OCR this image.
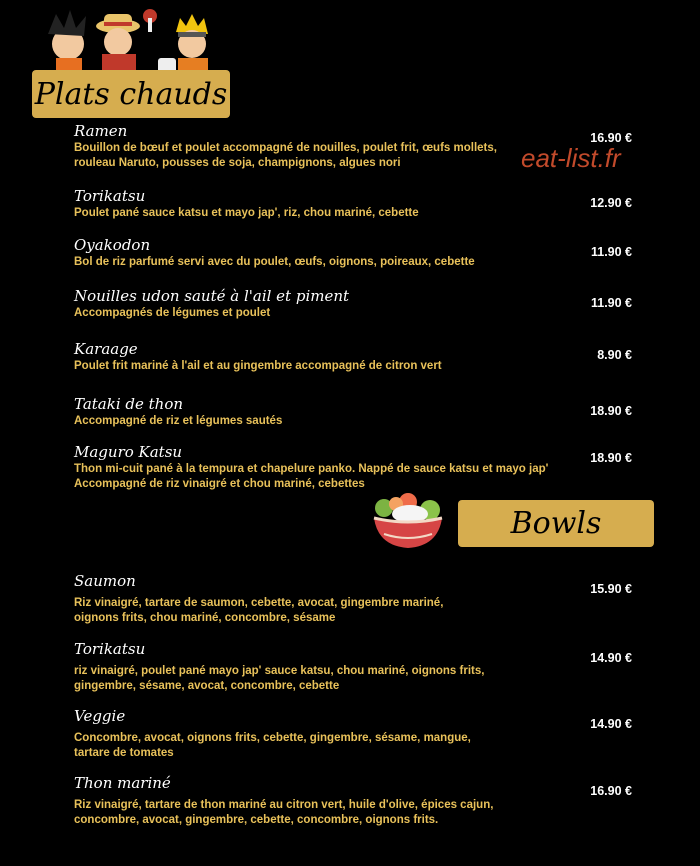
Plats chauds
Ramen
Bouillon de bœuf et poulet accompagné de nouilles, poulet frit, œufs mollets,
rouleau Naruto, pousses de soja, champignons, algues nori
16.90 €
Torikatsu
Poulet pané sauce katsu et mayo jap', riz, chou mariné, cebette
12.90 €
Oyakodon
Bol de riz parfumé servi avec du poulet, œufs, oignons, poireaux, cebette
11.90 €
Nouilles udon sauté à l'ail et piment
Accompagnés de légumes et poulet
11.90 €
Karaage
Poulet frit mariné à l'ail et au gingembre accompagné de citron vert
8.90 €
Tataki de thon
Accompagné de riz et légumes sautés
18.90 €
Maguro Katsu
Thon mi-cuit pané à la tempura et chapelure panko. Nappé de sauce katsu et mayo jap'
Accompagné de riz vinaigré et chou mariné, cebettes
18.90 €
eat-list.fr
Bowls
Saumon
Riz vinaigré, tartare de saumon, cebette, avocat, gingembre mariné,
oignons frits, chou mariné, concombre, sésame
15.90 €
Torikatsu
riz vinaigré, poulet pané mayo jap' sauce katsu, chou mariné, oignons frits,
gingembre, sésame, avocat, concombre, cebette
14.90 €
Veggie
Concombre, avocat, oignons frits, cebette, gingembre, sésame, mangue,
tartare de tomates
14.90 €
Thon mariné
Riz vinaigré, tartare de thon mariné au citron vert, huile d'olive, épices cajun,
concombre, avocat, gingembre, cebette, concombre, oignons frits.
16.90 €
